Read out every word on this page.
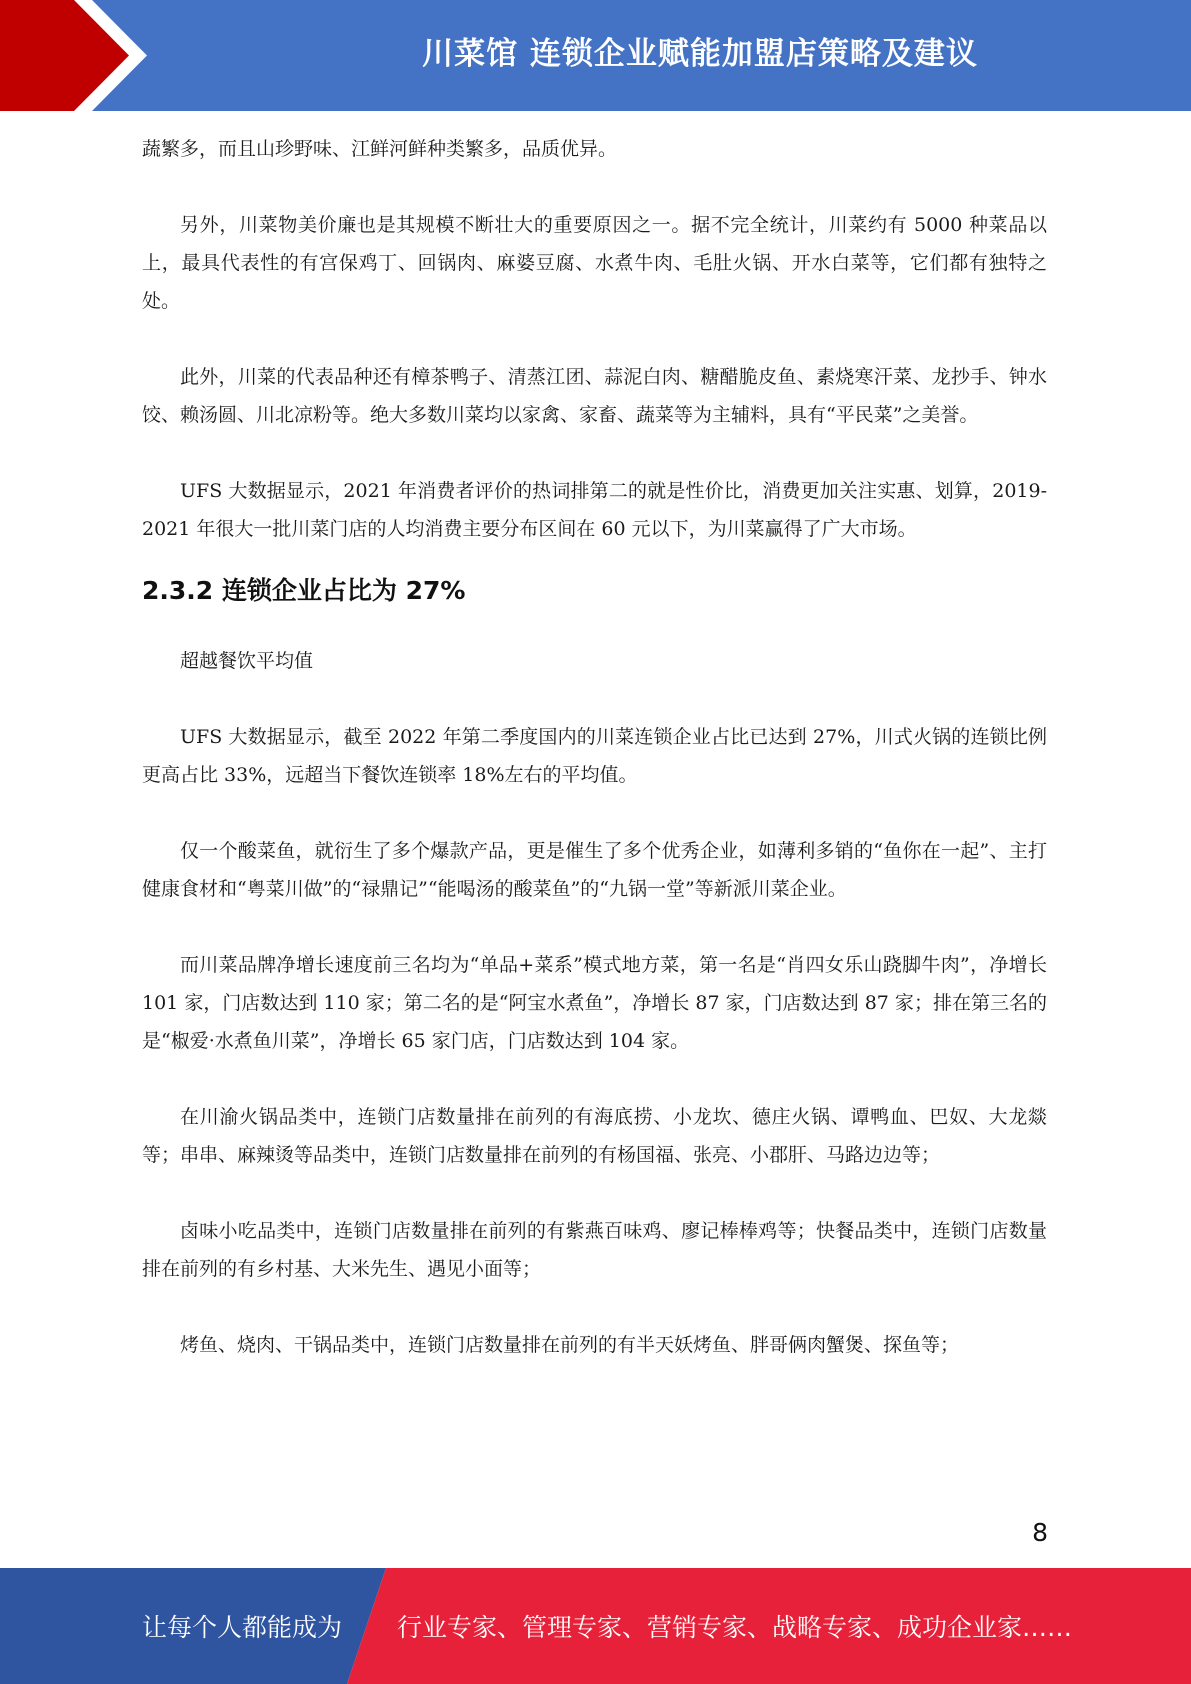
川菜馆 连锁企业赋能加盟店策略及建议

蔬繁多，而且山珍野味、江鲜河鲜种类繁多，品质优异。

另外，川菜物美价廉也是其规模不断壮大的重要原因之一。据不完全统计，川菜约有 5000 种菜品以上，最具代表性的有宫保鸡丁、回锅肉、麻婆豆腐、水煮牛肉、毛肚火锅、开水白菜等，它们都有独特之处。

此外，川菜的代表品种还有樟茶鸭子、清蒸江团、蒜泥白肉、糖醋脆皮鱼、素烧寒汗菜、龙抄手、钟水饺、赖汤圆、川北凉粉等。绝大多数川菜均以家禽、家畜、蔬菜等为主辅料，具有“平民菜”之美誉。

UFS 大数据显示，2021 年消费者评价的热词排第二的就是性价比，消费更加关注实惠、划算，2019-2021 年很大一批川菜门店的人均消费主要分布区间在 60 元以下，为川菜赢得了广大市场。

2.3.2 连锁企业占比为 27%

超越餐饮平均值

UFS 大数据显示，截至 2022 年第二季度国内的川菜连锁企业占比已达到 27%，川式火锅的连锁比例更高占比 33%，远超当下餐饮连锁率 18%左右的平均值。

仅一个酸菜鱼，就衍生了多个爆款产品，更是催生了多个优秀企业，如薄利多销的“鱼你在一起”、主打健康食材和“粤菜川做”的“禄鼎记”“能喝汤的酸菜鱼”的“九锅一堂”等新派川菜企业。

而川菜品牌净增长速度前三名均为“单品+菜系”模式地方菜，第一名是“肖四女乐山跷脚牛肉”，净增长 101 家，门店数达到 110 家；第二名的是“阿宝水煮鱼”，净增长 87 家，门店数达到 87 家；排在第三名的是“椒爱·水煮鱼川菜”，净增长 65 家门店，门店数达到 104 家。

在川渝火锅品类中，连锁门店数量排在前列的有海底捞、小龙坎、德庄火锅、谭鸭血、巴奴、大龙燚等；串串、麻辣烫等品类中，连锁门店数量排在前列的有杨国福、张亮、小郡肝、马路边边等；

卤味小吃品类中，连锁门店数量排在前列的有紫燕百味鸡、廖记棒棒鸡等；快餐品类中，连锁门店数量排在前列的有乡村基、大米先生、遇见小面等；

烤鱼、烧肉、干锅品类中，连锁门店数量排在前列的有半天妖烤鱼、胖哥俩肉蟹煲、探鱼等；

8
让每个人都能成为 行业专家、管理专家、营销专家、战略专家、成功企业家……
